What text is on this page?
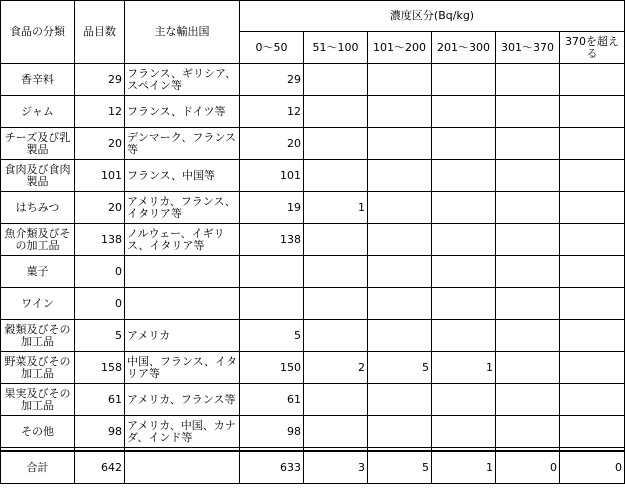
食品の分類	品目数	主な輸出国	濃度区分(Bq/kg)					
			0～50	51～100	101～200	201～300	301～370	370を超える
香辛料	29	フランス、ギリシア、スペイン等	29					
ジャム	12	フランス、ドイツ等	12					
チーズ及び乳製品	20	デンマーク、フランス等	20					
食肉及び食肉製品	101	フランス、中国等	101					
はちみつ	20	アメリカ、フランス、イタリア等	19	1				
魚介類及びその加工品	138	ノルウェー、イギリス、イタリア等	138					
菓子	0							
ワイン	0							
穀類及びその加工品	5	アメリカ	5					
野菜及びその加工品	158	中国、フランス、イタリア等	150	2	5	1		
果実及びその加工品	61	アメリカ、フランス等	61					
その他	98	アメリカ、中国、カナダ、インド等	98					

合計	642		633	3	5	1	0	0
